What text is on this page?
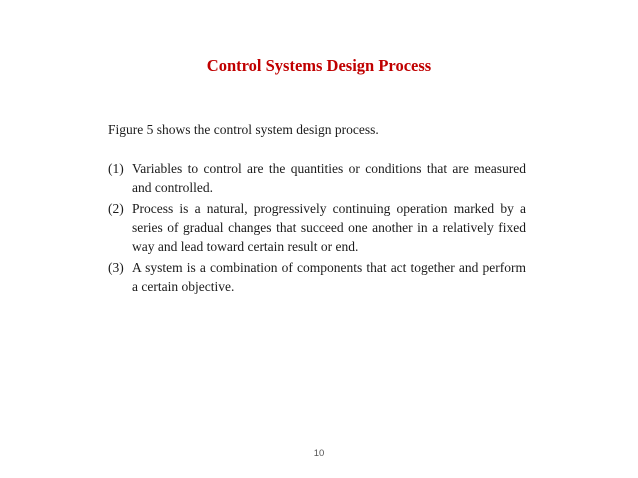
Control Systems Design Process
Figure 5 shows the control system design process.
(1) Variables to control are the quantities or conditions that are measured and controlled.
(2) Process is a natural, progressively continuing operation marked by a series of gradual changes that succeed one another in a relatively fixed way and lead toward certain result or end.
(3) A system is a combination of components that act together and perform a certain objective.
10
